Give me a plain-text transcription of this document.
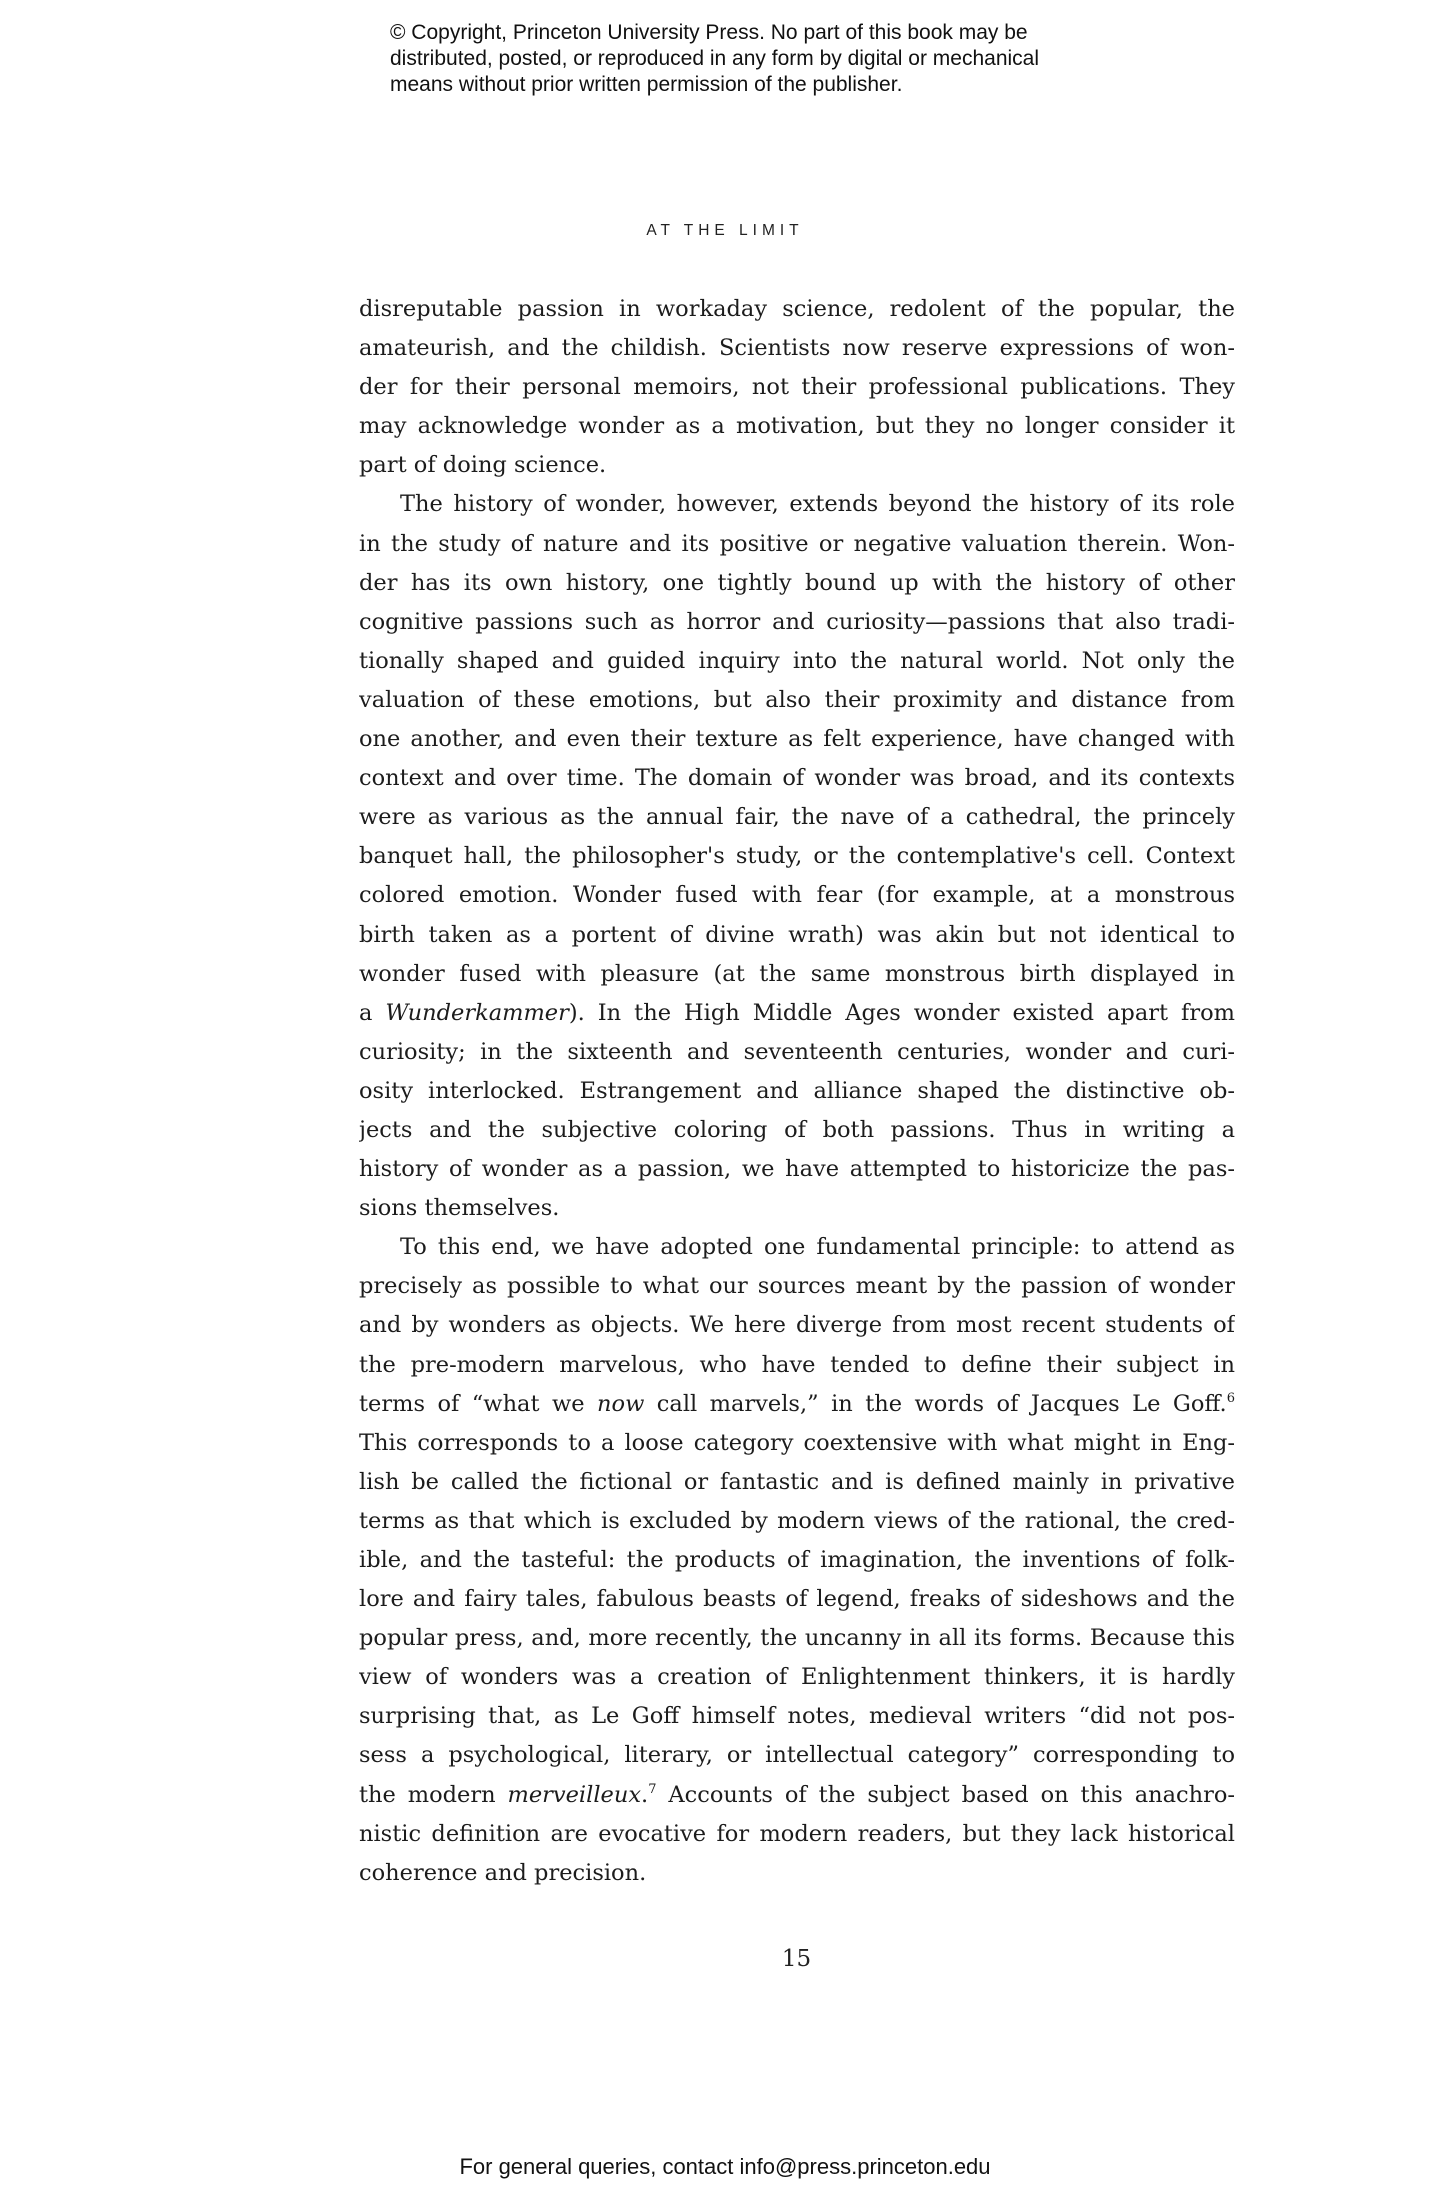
© Copyright, Princeton University Press. No part of this book may be
distributed, posted, or reproduced in any form by digital or mechanical
means without prior written permission of the publisher.
AT THE LIMIT
disreputable passion in workaday science, redolent of the popular, the
amateurish, and the childish. Scientists now reserve expressions of won-
der for their personal memoirs, not their professional publications. They
may acknowledge wonder as a motivation, but they no longer consider it
part of doing science.
The history of wonder, however, extends beyond the history of its role
in the study of nature and its positive or negative valuation therein. Won-
der has its own history, one tightly bound up with the history of other
cognitive passions such as horror and curiosity—passions that also tradi-
tionally shaped and guided inquiry into the natural world. Not only the
valuation of these emotions, but also their proximity and distance from
one another, and even their texture as felt experience, have changed with
context and over time. The domain of wonder was broad, and its contexts
were as various as the annual fair, the nave of a cathedral, the princely
banquet hall, the philosopher's study, or the contemplative's cell. Context
colored emotion. Wonder fused with fear (for example, at a monstrous
birth taken as a portent of divine wrath) was akin but not identical to
wonder fused with pleasure (at the same monstrous birth displayed in
a Wunderkammer). In the High Middle Ages wonder existed apart from
curiosity; in the sixteenth and seventeenth centuries, wonder and curi-
osity interlocked. Estrangement and alliance shaped the distinctive ob-
jects and the subjective coloring of both passions. Thus in writing a
history of wonder as a passion, we have attempted to historicize the pas-
sions themselves.
To this end, we have adopted one fundamental principle: to attend as
precisely as possible to what our sources meant by the passion of wonder
and by wonders as objects. We here diverge from most recent students of
the pre-modern marvelous, who have tended to define their subject in
terms of “what we now call marvels,” in the words of Jacques Le Goff.$^6$
This corresponds to a loose category coextensive with what might in Eng-
lish be called the fictional or fantastic and is defined mainly in privative
terms as that which is excluded by modern views of the rational, the cred-
ible, and the tasteful: the products of imagination, the inventions of folk-
lore and fairy tales, fabulous beasts of legend, freaks of sideshows and the
popular press, and, more recently, the uncanny in all its forms. Because this
view of wonders was a creation of Enlightenment thinkers, it is hardly
surprising that, as Le Goff himself notes, medieval writers “did not pos-
sess a psychological, literary, or intellectual category” corresponding to
the modern merveilleux.$^7$ Accounts of the subject based on this anachro-
nistic definition are evocative for modern readers, but they lack historical
coherence and precision.
15
For general queries, contact info@press.princeton.edu
